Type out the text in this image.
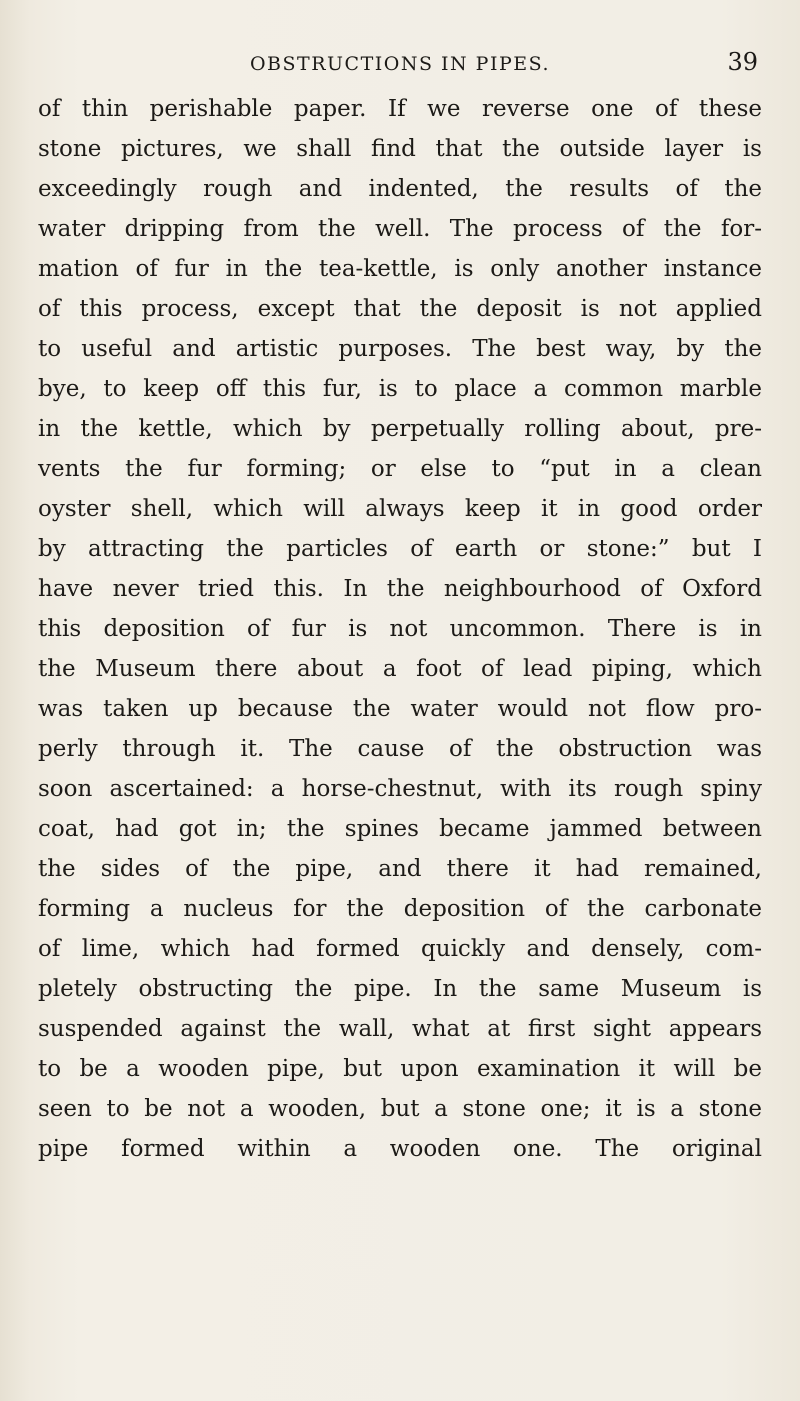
OBSTRUCTIONS IN PIPES.	39
of thin perishable paper. If we reverse one of these
stone pictures, we shall find that the outside layer is
exceedingly rough and indented, the results of the
water dripping from the well. The process of the for-
mation of fur in the tea-kettle, is only another instance
of this process, except that the deposit is not applied
to useful and artistic purposes. The best way, by the
bye, to keep off this fur, is to place a common marble
in the kettle, which by perpetually rolling about, pre-
vents the fur forming; or else to “put in a clean
oyster shell, which will always keep it in good order
by attracting the particles of earth or stone:” but I
have never tried this. In the neighbourhood of Oxford
this deposition of fur is not uncommon. There is in
the Museum there about a foot of lead piping, which
was taken up because the water would not flow pro-
perly through it. The cause of the obstruction was
soon ascertained: a horse-chestnut, with its rough spiny
coat, had got in; the spines became jammed between
the sides of the pipe, and there it had remained,
forming a nucleus for the deposition of the carbonate
of lime, which had formed quickly and densely, com-
pletely obstructing the pipe. In the same Museum is
suspended against the wall, what at first sight appears
to be a wooden pipe, but upon examination it will be
seen to be not a wooden, but a stone one; it is a stone
pipe formed within a wooden one. The original
